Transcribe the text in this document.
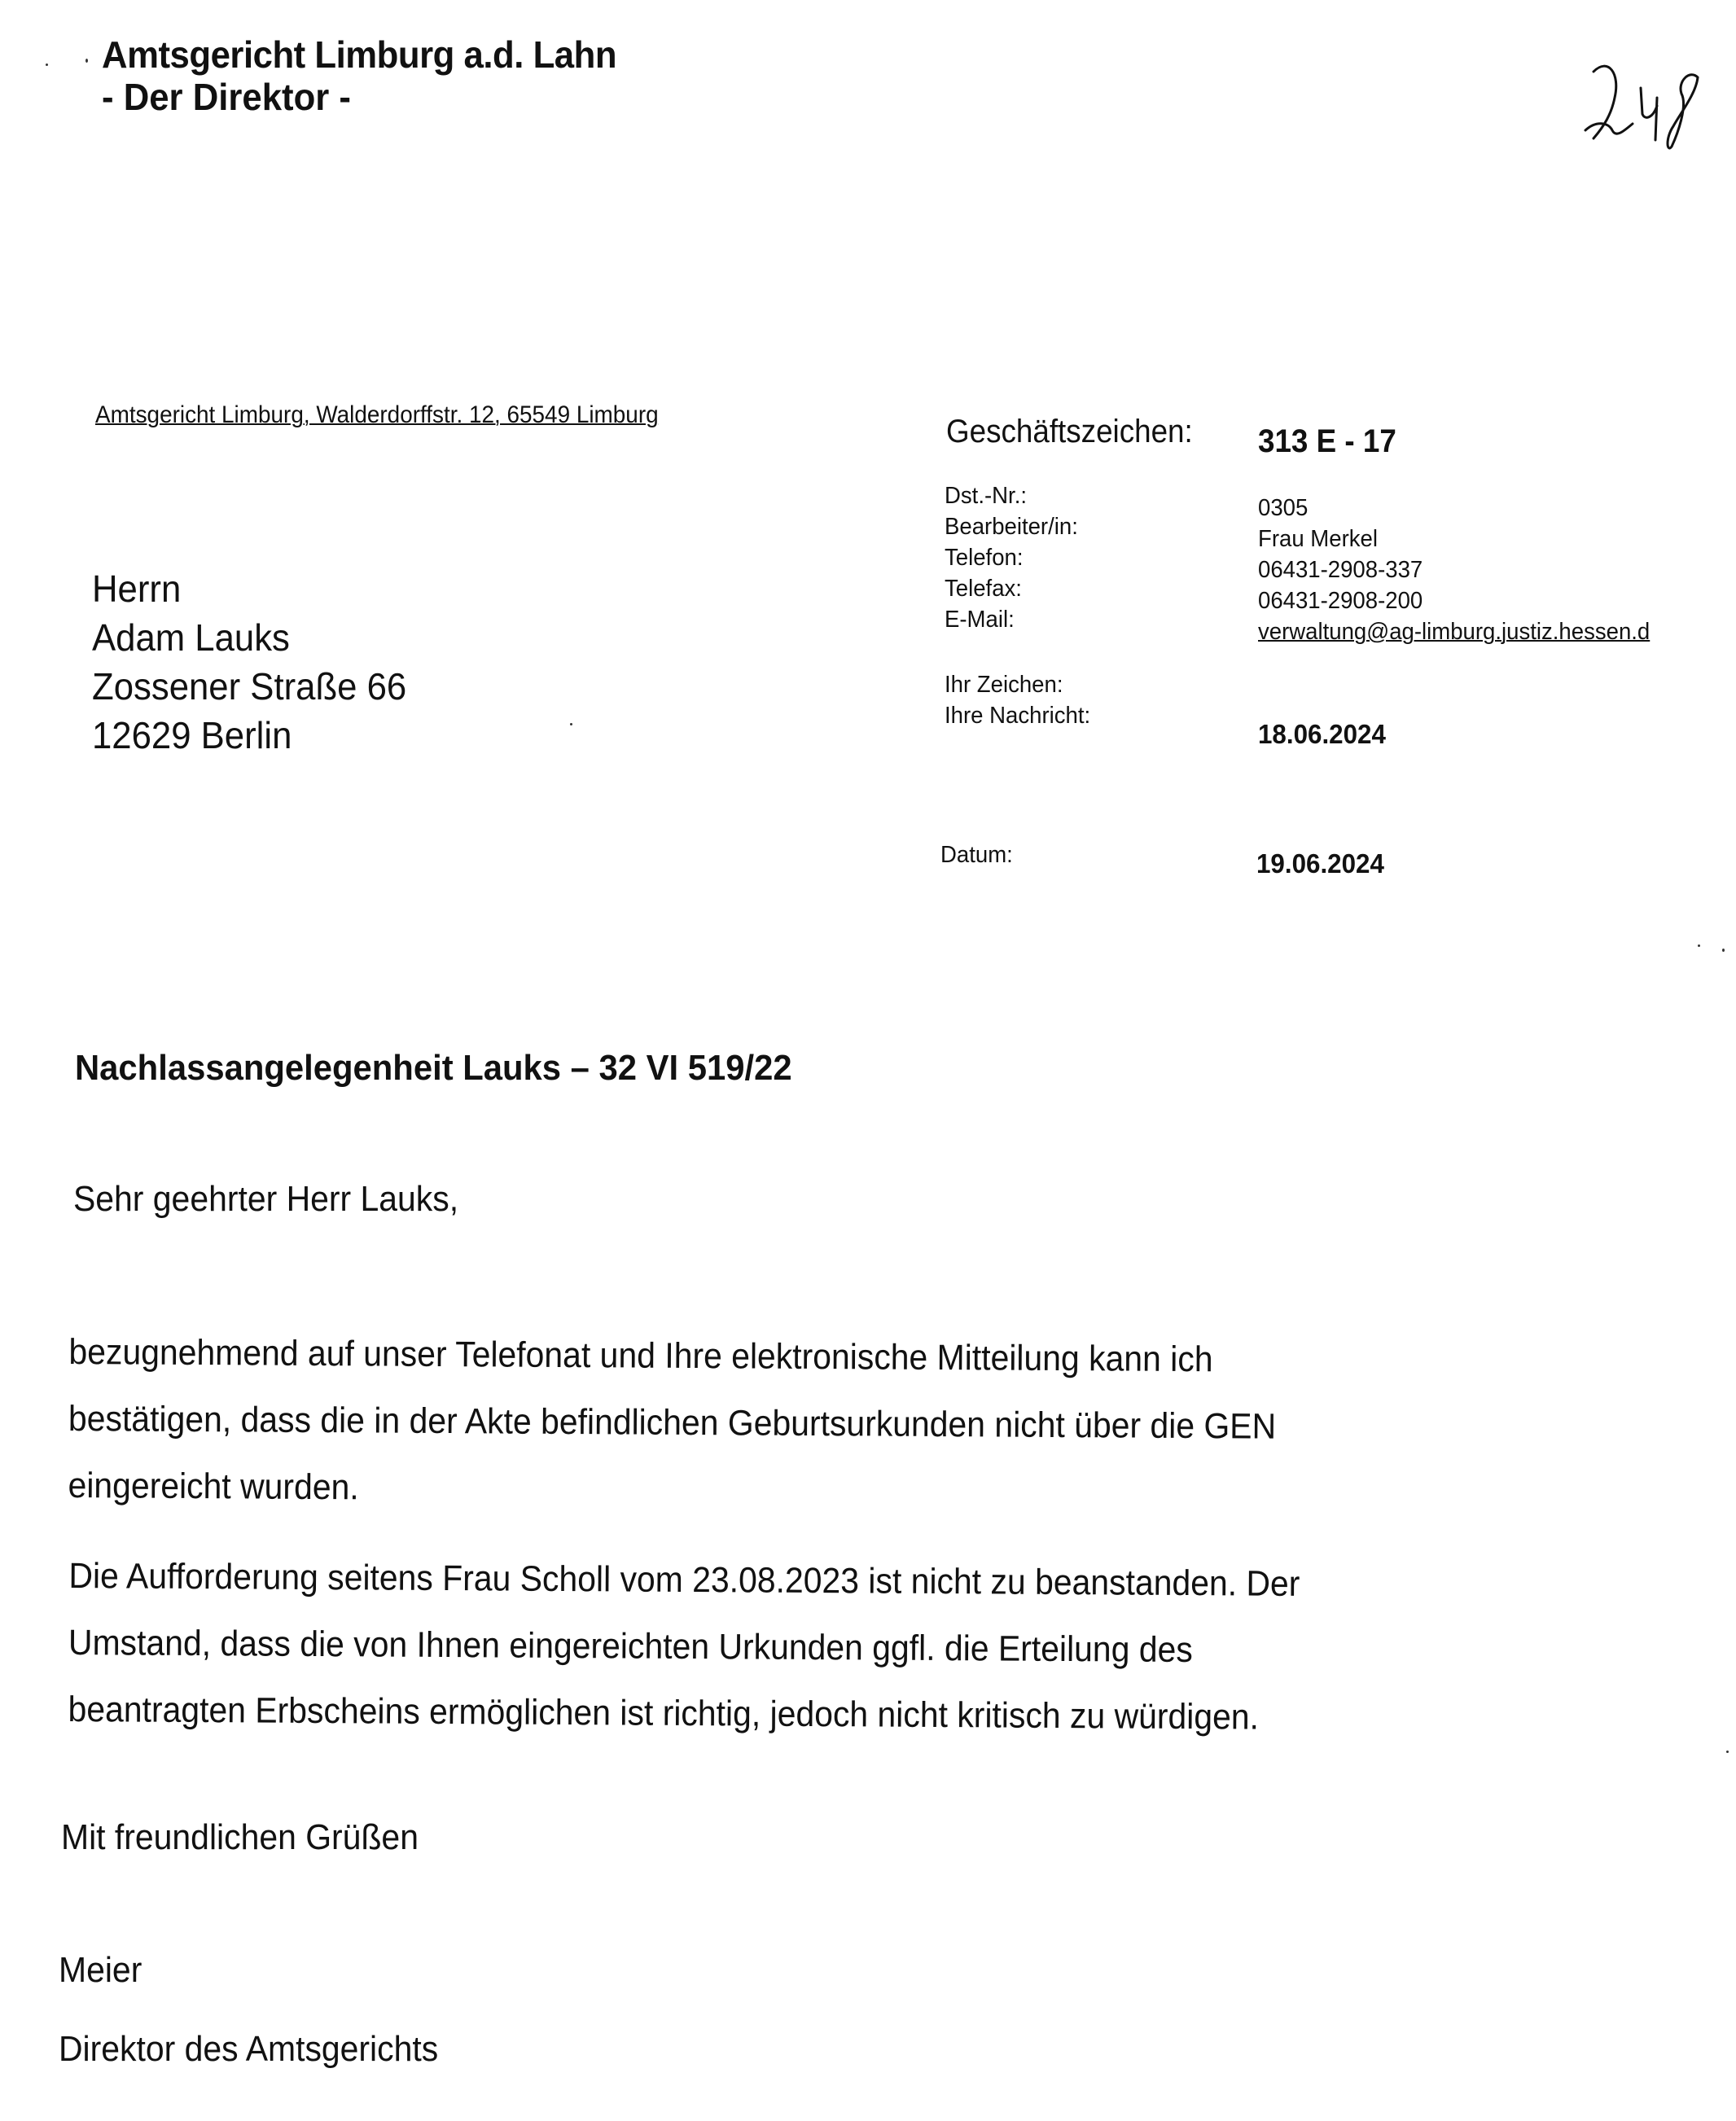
Amtsgericht Limburg a.d. Lahn
- Der Direktor -
Amtsgericht Limburg, Walderdorffstr. 12, 65549 Limburg	Geschäftszeichen: 313 E - 17
Dst.-Nr.:
Bearbeiter/in:
Telefon:
Telefax:
E-Mail:
0305
Frau Merkel
06431-2908-337
06431-2908-200
verwaltung@ag-limburg.justiz.hessen.d
Ihr Zeichen:
Ihre Nachricht:
18.06.2024
Datum:	19.06.2024
Herrn
Adam Lauks
Zossener Straße 66
12629 Berlin
Nachlassangelegenheit Lauks – 32 VI 519/22
Sehr geehrter Herr Lauks,
bezugnehmend auf unser Telefonat und Ihre elektronische Mitteilung kann ich
bestätigen, dass die in der Akte befindlichen Geburtsurkunden nicht über die GEN
eingereicht wurden.
Die Aufforderung seitens Frau Scholl vom 23.08.2023 ist nicht zu beanstanden. Der
Umstand, dass die von Ihnen eingereichten Urkunden ggfl. die Erteilung des
beantragten Erbscheins ermöglichen ist richtig, jedoch nicht kritisch zu würdigen.
Mit freundlichen Grüßen
Meier
Direktor des Amtsgerichts
